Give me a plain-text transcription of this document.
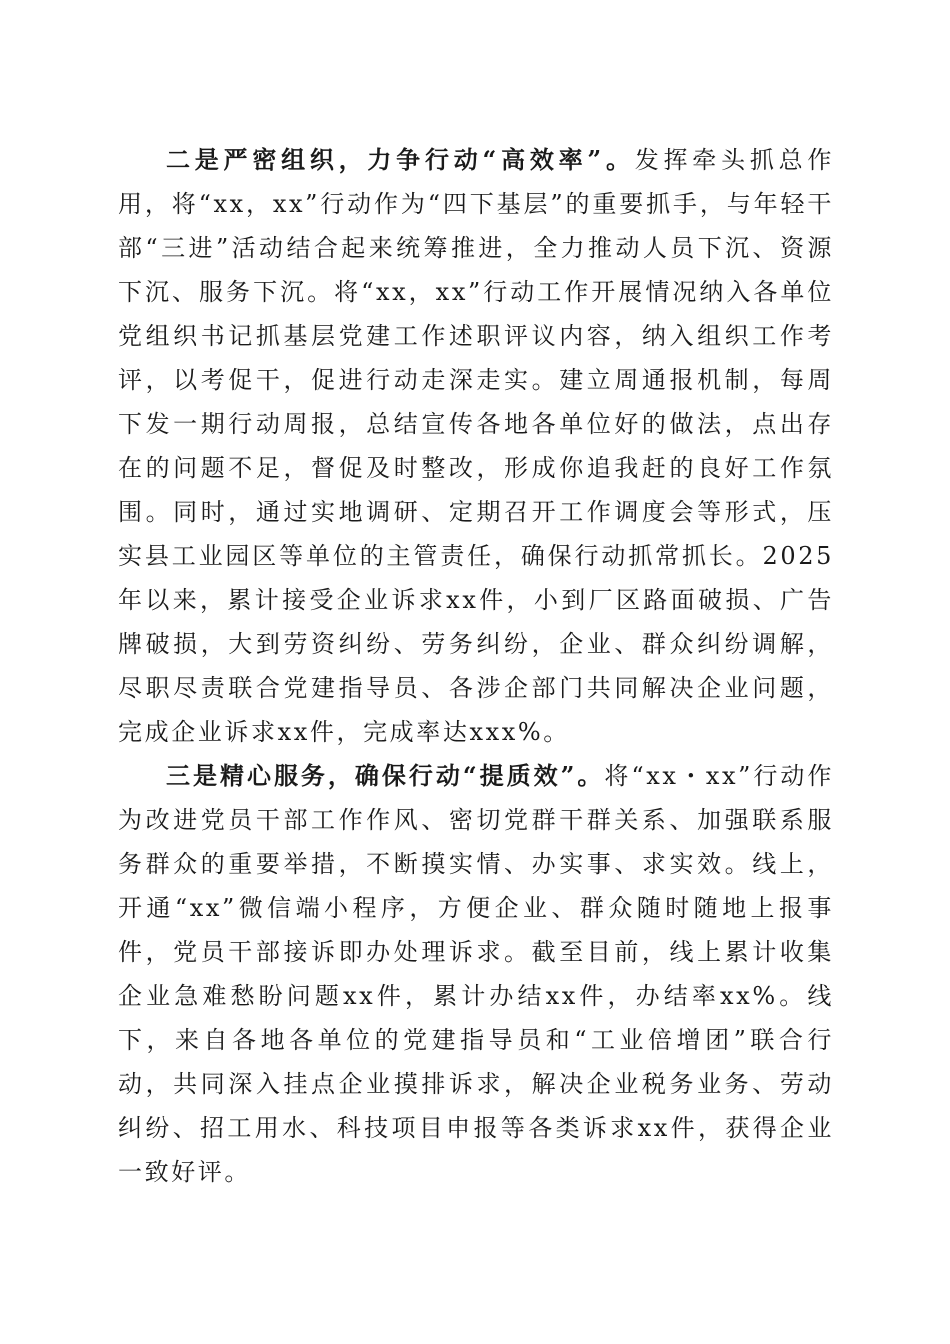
二是严密组织，力争行动“高效率”。发挥牵头抓总作用，将“xx，xx”行动作为“四下基层”的重要抓手，与年轻干部“三进”活动结合起来统筹推进，全力推动人员下沉、资源下沉、服务下沉。将“xx，xx”行动工作开展情况纳入各单位党组织书记抓基层党建工作述职评议内容，纳入组织工作考评，以考促干，促进行动走深走实。建立周通报机制，每周下发一期行动周报，总结宣传各地各单位好的做法，点出存在的问题不足，督促及时整改，形成你追我赶的良好工作氛围。同时，通过实地调研、定期召开工作调度会等形式，压实县工业园区等单位的主管责任，确保行动抓常抓长。2025年以来，累计接受企业诉求xx件，小到厂区路面破损、广告牌破损，大到劳资纠纷、劳务纠纷，企业、群众纠纷调解，尽职尽责联合党建指导员、各涉企部门共同解决企业问题，完成企业诉求xx件，完成率达xxx%。

三是精心服务，确保行动“提质效”。将“xx・xx”行动作为改进党员干部工作作风、密切党群干群关系、加强联系服务群众的重要举措，不断摸实情、办实事、求实效。线上，开通“xx”微信端小程序，方便企业、群众随时随地上报事件，党员干部接诉即办处理诉求。截至目前，线上累计收集企业急难愁盼问题xx件，累计办结xx件，办结率xx%。线下，来自各地各单位的党建指导员和“工业倍增团”联合行动，共同深入挂点企业摸排诉求，解决企业税务业务、劳动纠纷、招工用水、科技项目申报等各类诉求xx件，获得企业一致好评。
